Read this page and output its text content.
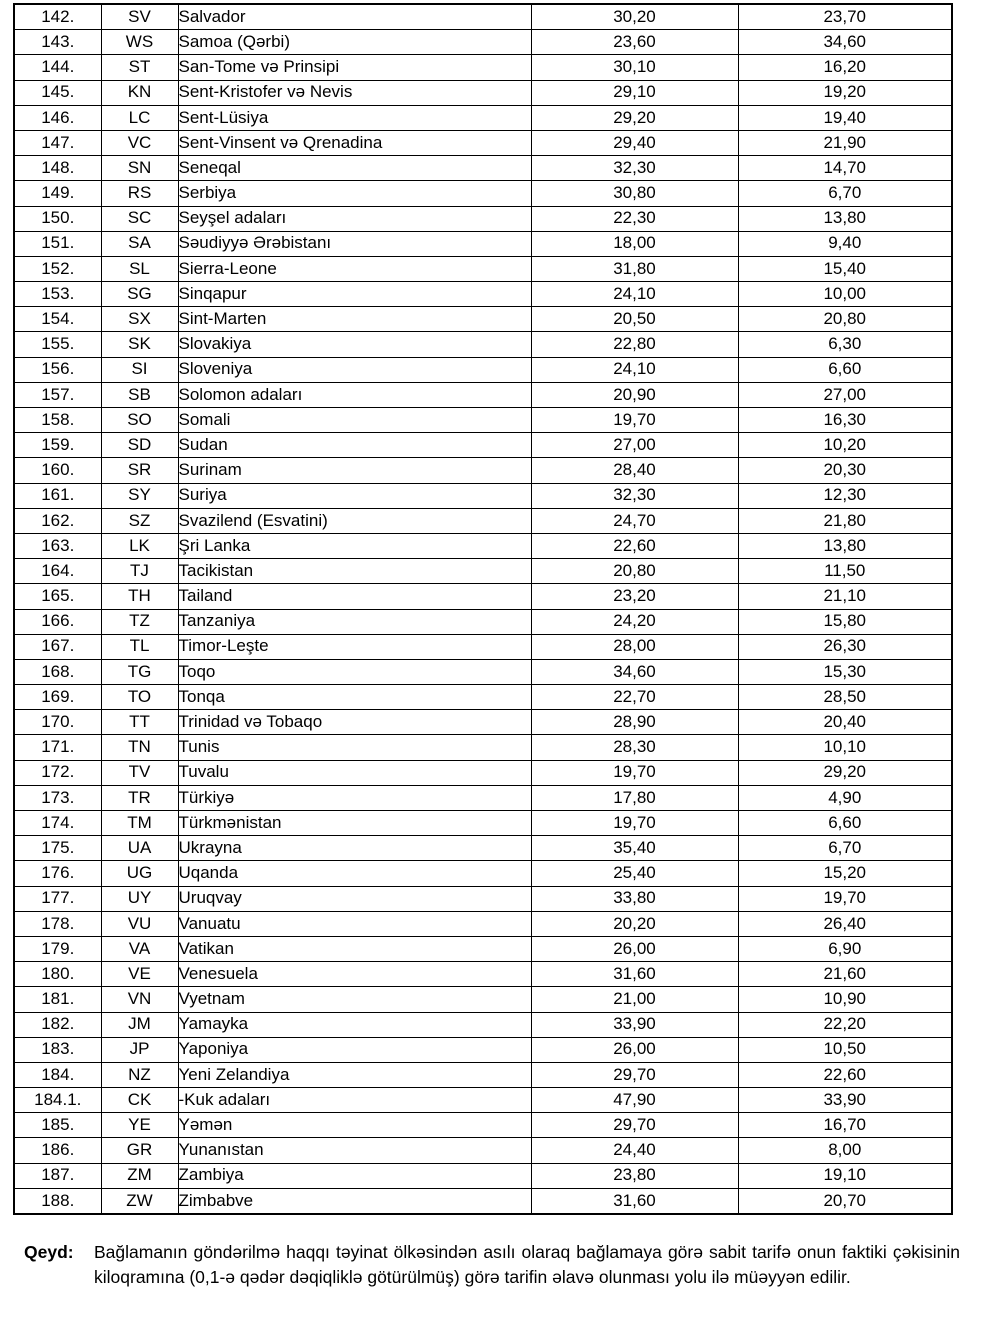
142.	SV	Salvador	30,20	23,70
143.	WS	Samoa (Qərbi)	23,60	34,60
144.	ST	San-Tome və Prinsipi	30,10	16,20
145.	KN	Sent-Kristofer və Nevis	29,10	19,20
146.	LC	Sent-Lüsiya	29,20	19,40
147.	VC	Sent-Vinsent və Qrenadina	29,40	21,90
148.	SN	Seneqal	32,30	14,70
149.	RS	Serbiya	30,80	6,70
150.	SC	Seyşel adaları	22,30	13,80
151.	SA	Səudiyyə Ərəbistanı	18,00	9,40
152.	SL	Sierra-Leone	31,80	15,40
153.	SG	Sinqapur	24,10	10,00
154.	SX	Sint-Marten	20,50	20,80
155.	SK	Slovakiya	22,80	6,30
156.	SI	Sloveniya	24,10	6,60
157.	SB	Solomon adaları	20,90	27,00
158.	SO	Somali	19,70	16,30
159.	SD	Sudan	27,00	10,20
160.	SR	Surinam	28,40	20,30
161.	SY	Suriya	32,30	12,30
162.	SZ	Svazilend (Esvatini)	24,70	21,80
163.	LK	Şri Lanka	22,60	13,80
164.	TJ	Tacikistan	20,80	11,50
165.	TH	Tailand	23,20	21,10
166.	TZ	Tanzaniya	24,20	15,80
167.	TL	Timor-Leşte	28,00	26,30
168.	TG	Toqo	34,60	15,30
169.	TO	Tonqa	22,70	28,50
170.	TT	Trinidad və Tobaqo	28,90	20,40
171.	TN	Tunis	28,30	10,10
172.	TV	Tuvalu	19,70	29,20
173.	TR	Türkiyə	17,80	4,90
174.	TM	Türkmənistan	19,70	6,60
175.	UA	Ukrayna	35,40	6,70
176.	UG	Uqanda	25,40	15,20
177.	UY	Uruqvay	33,80	19,70
178.	VU	Vanuatu	20,20	26,40
179.	VA	Vatikan	26,00	6,90
180.	VE	Venesuela	31,60	21,60
181.	VN	Vyetnam	21,00	10,90
182.	JM	Yamayka	33,90	22,20
183.	JP	Yaponiya	26,00	10,50
184.	NZ	Yeni Zelandiya	29,70	22,60
184.1.	CK	-Kuk adaları	47,90	33,90
185.	YE	Yəmən	29,70	16,70
186.	GR	Yunanıstan	24,40	8,00
187.	ZM	Zambiya	23,80	19,10
188.	ZW	Zimbabve	31,60	20,70
Qeyd:	Bağlamanın göndərilmə haqqı təyinat ölkəsindən asılı olaraq bağlamaya görə sabit tarifə onun faktiki çəkisinin kiloqramına (0,1-ə qədər dəqiqliklə götürülmüş) görə tarifin əlavə olunması yolu ilə müəyyən edilir.
